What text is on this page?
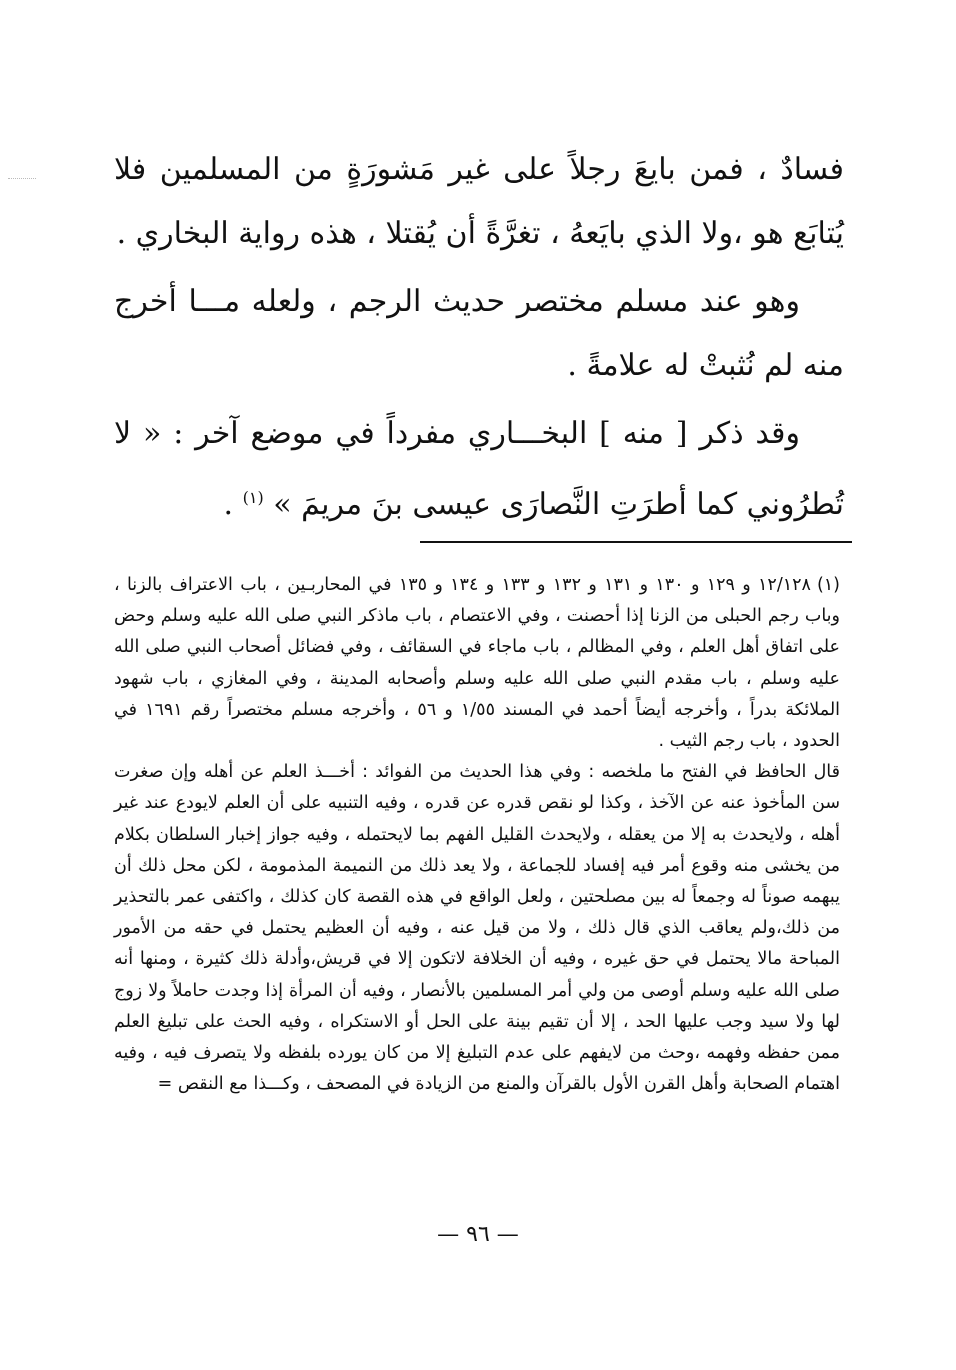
فسادٌ ، فمن بايعَ رجلاً على غير مَشورَةٍ من المسلمين فلا يُتابَع هو ،ولا الذي بايَعهُ ، تغرَّةً أن يُقتلا ، هذه رواية البخاري .

وهو عند مسلم مختصر حديث الرجم ، ولعله مـــا أخرج منه لم نُثبتْ له علامةً .

وقد ذكر [ منه ] البخـــاري مفرداً في موضع آخر : « لا تُطرُوني كما أطرَتِ النَّصارَى عيسى بنَ مريمَ » $^{(١)}$ .

(١)١٢/١٢٨ و ١٢٩ و ١٣٠ و ١٣١ و ١٣٢ و ١٣٣ و ١٣٤ و ١٣٥ في المحاربـين ، باب الاعتراف بالزنا ، وباب رجم الحبلى من الزنا إذا أحصنت ، وفي الاعتصام ، باب ماذكر النبي صلى الله عليه وسلم وحض على اتفاق أهل العلم ، وفي المظالم ، باب ماجاء في السقائف ، وفي فضائل أصحاب النبي صلى الله عليه وسلم ، باب مقدم النبي صلى الله عليه وسلم وأصحابه المدينة ، وفي المغازي ، باب شهود الملائكة بدراً ، وأخرجه أيضاً أحمد في المسند ١/٥٥ و ٥٦ ، وأخرجه مسلم مختصراً رقم ١٦٩١ في الحدود ، باب رجم الثيب .

قال الحافظ في الفتح ما ملخصه : وفي هذا الحديث من الفوائد : أخـــذ العلم عن أهله وإن صغرت سن المأخوذ عنه عن الآخذ ، وكذا لو نقص قدره عن قدره ، وفيه التنبيه على أن العلم لايودع عند غير أهله ، ولايحدث به إلا من يعقله ، ولايحدث القليل الفهم بما لايحتمله ، وفيه جواز إخبار السلطان بكلام من يخشى منه وقوع أمر فيه إفساد للجماعة ، ولا يعد ذلك من النميمة المذمومة ، لكن محل ذلك أن يبهمه صوناً له وجمعاً له بين مصلحتين ، ولعل الواقع في هذه القصة كان كذلك ، واكتفى عمر بالتحذير من ذلك،ولم يعاقب الذي قال ذلك ، ولا من قيل عنه ، وفيه أن العظيم يحتمل في حقه من الأمور المباحة مالا يحتمل في حق غيره ، وفيه أن الخلافة لاتكون إلا في قريش،وأدلة ذلك كثيرة ، ومنها أنه صلى الله عليه وسلم أوصى من ولي أمر المسلمين بالأنصار ، وفيه أن المرأة إذا وجدت حاملاً ولا زوج لها ولا سيد وجب عليها الحد ، إلا أن تقيم بينة على الحل أو الاستكراه ، وفيه الحث على تبليغ العلم ممن حفظه وفهمه ،وحث من لايفهم على عدم التبليغ إلا من كان يورده بلفظه ولا يتصرف فيه ، وفيه اهتمام الصحابة وأهل القرن الأول بالقرآن والمنع من الزيادة في المصحف ، وكـــذا مع النقص =

— ٩٦ —
